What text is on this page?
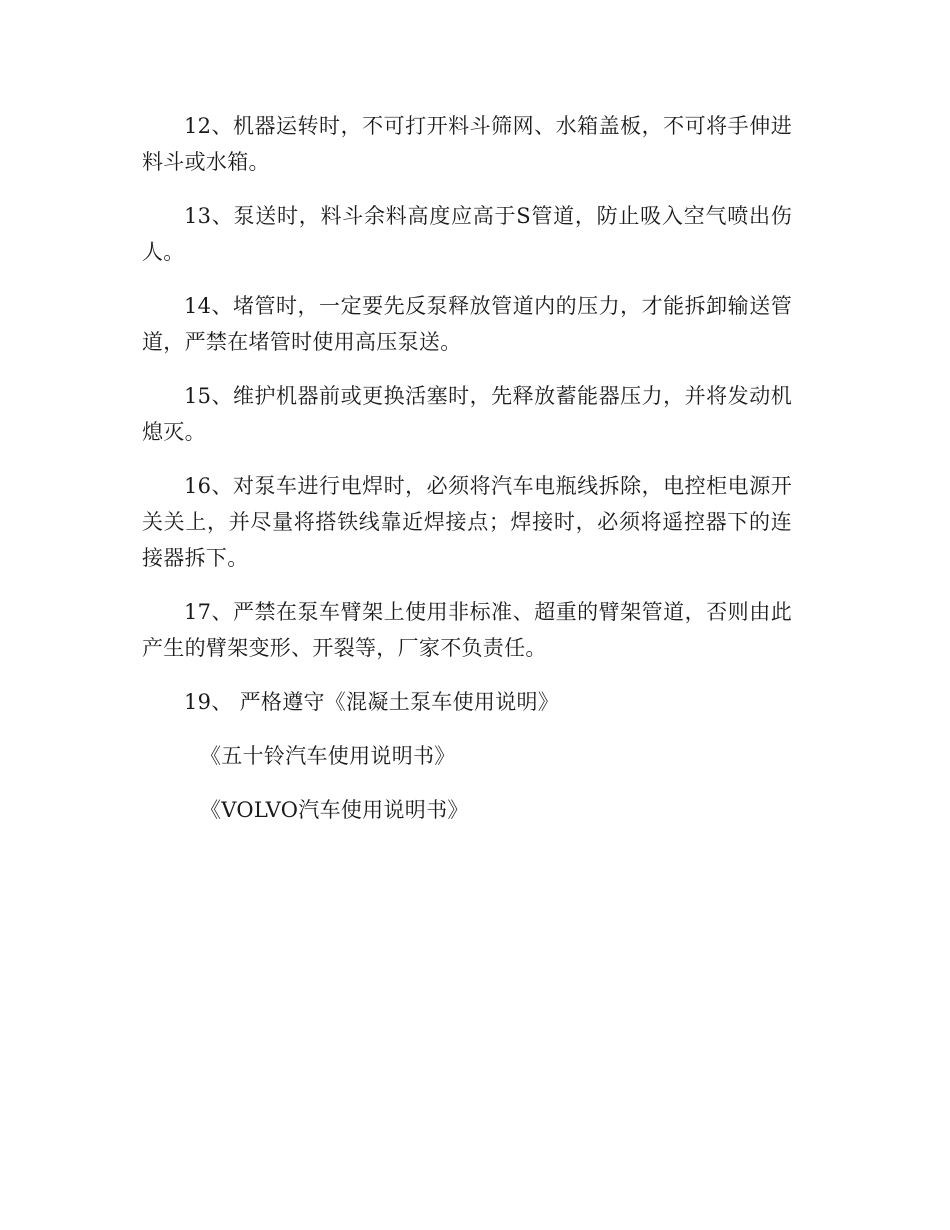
12、机器运转时，不可打开料斗筛网、水箱盖板，不可将手伸进料斗或水箱。

13、泵送时，料斗余料高度应高于S管道，防止吸入空气喷出伤人。

14、堵管时，一定要先反泵释放管道内的压力，才能拆卸输送管道，严禁在堵管时使用高压泵送。

15、维护机器前或更换活塞时，先释放蓄能器压力，并将发动机熄灭。

16、对泵车进行电焊时，必须将汽车电瓶线拆除，电控柜电源开关关上，并尽量将搭铁线靠近焊接点；焊接时，必须将遥控器下的连接器拆下。

17、严禁在泵车臂架上使用非标准、超重的臂架管道，否则由此产生的臂架变形、开裂等，厂家不负责任。

19、 严格遵守《混凝土泵车使用说明》
《五十铃汽车使用说明书》
《VOLVO汽车使用说明书》
